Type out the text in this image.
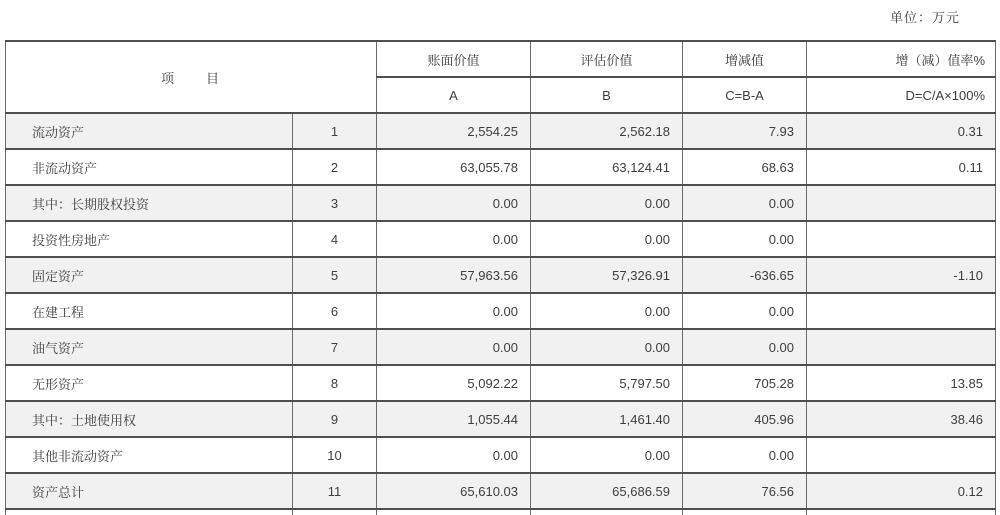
单位：万元
项　　目		账面价值	评估价值	增减值	增（减）值率%
		A	B	C=B-A	D=C/A×100%
流动资产	1	2,554.25	2,562.18	7.93	0.31
非流动资产	2	63,055.78	63,124.41	68.63	0.11
其中：长期股权投资	3	0.00	0.00	0.00	
投资性房地产	4	0.00	0.00	0.00	
固定资产	5	57,963.56	57,326.91	-636.65	-1.10
在建工程	6	0.00	0.00	0.00	
油气资产	7	0.00	0.00	0.00	
无形资产	8	5,092.22	5,797.50	705.28	13.85
其中：土地使用权	9	1,055.44	1,461.40	405.96	38.46
其他非流动资产	10	0.00	0.00	0.00	
资产总计	11	65,610.03	65,686.59	76.56	0.12
